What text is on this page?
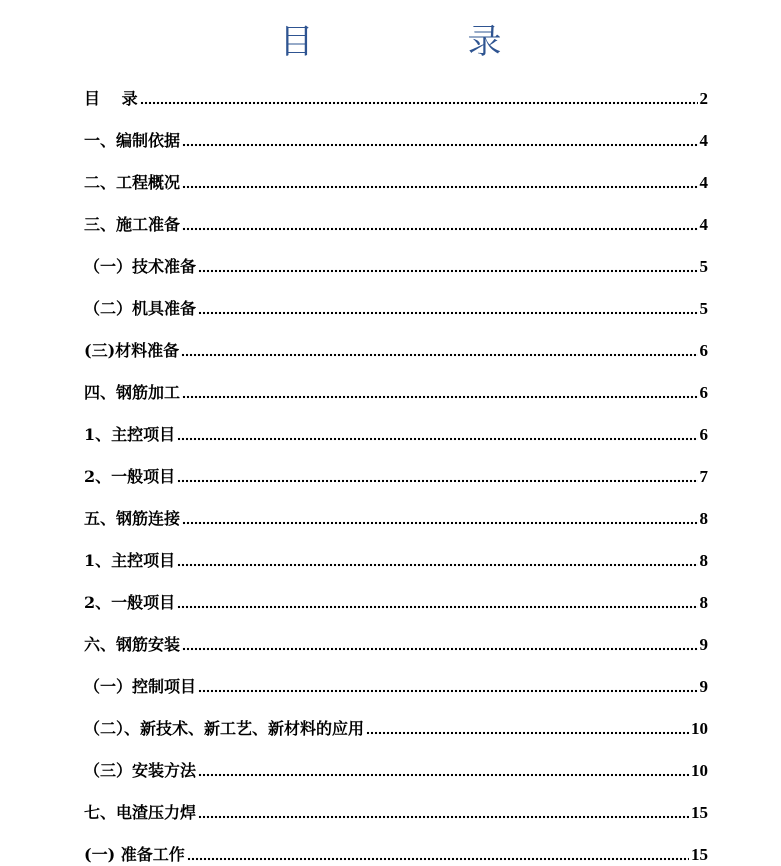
目　录
目　 录	2
一、编制依据	4
二、工程概况	4
三、施工准备	4
（一）技术准备	5
（二）机具准备	5
(三)材料准备	6
四、钢筋加工	6
1、主控项目	6
2、一般项目	7
五、钢筋连接	8
1、主控项目	8
2、一般项目	8
六、钢筋安装	9
（一）控制项目	9
（二）、新技术、新工艺、新材料的应用	10
（三）安装方法	10
七、电渣压力焊	15
(一) 准备工作	15
